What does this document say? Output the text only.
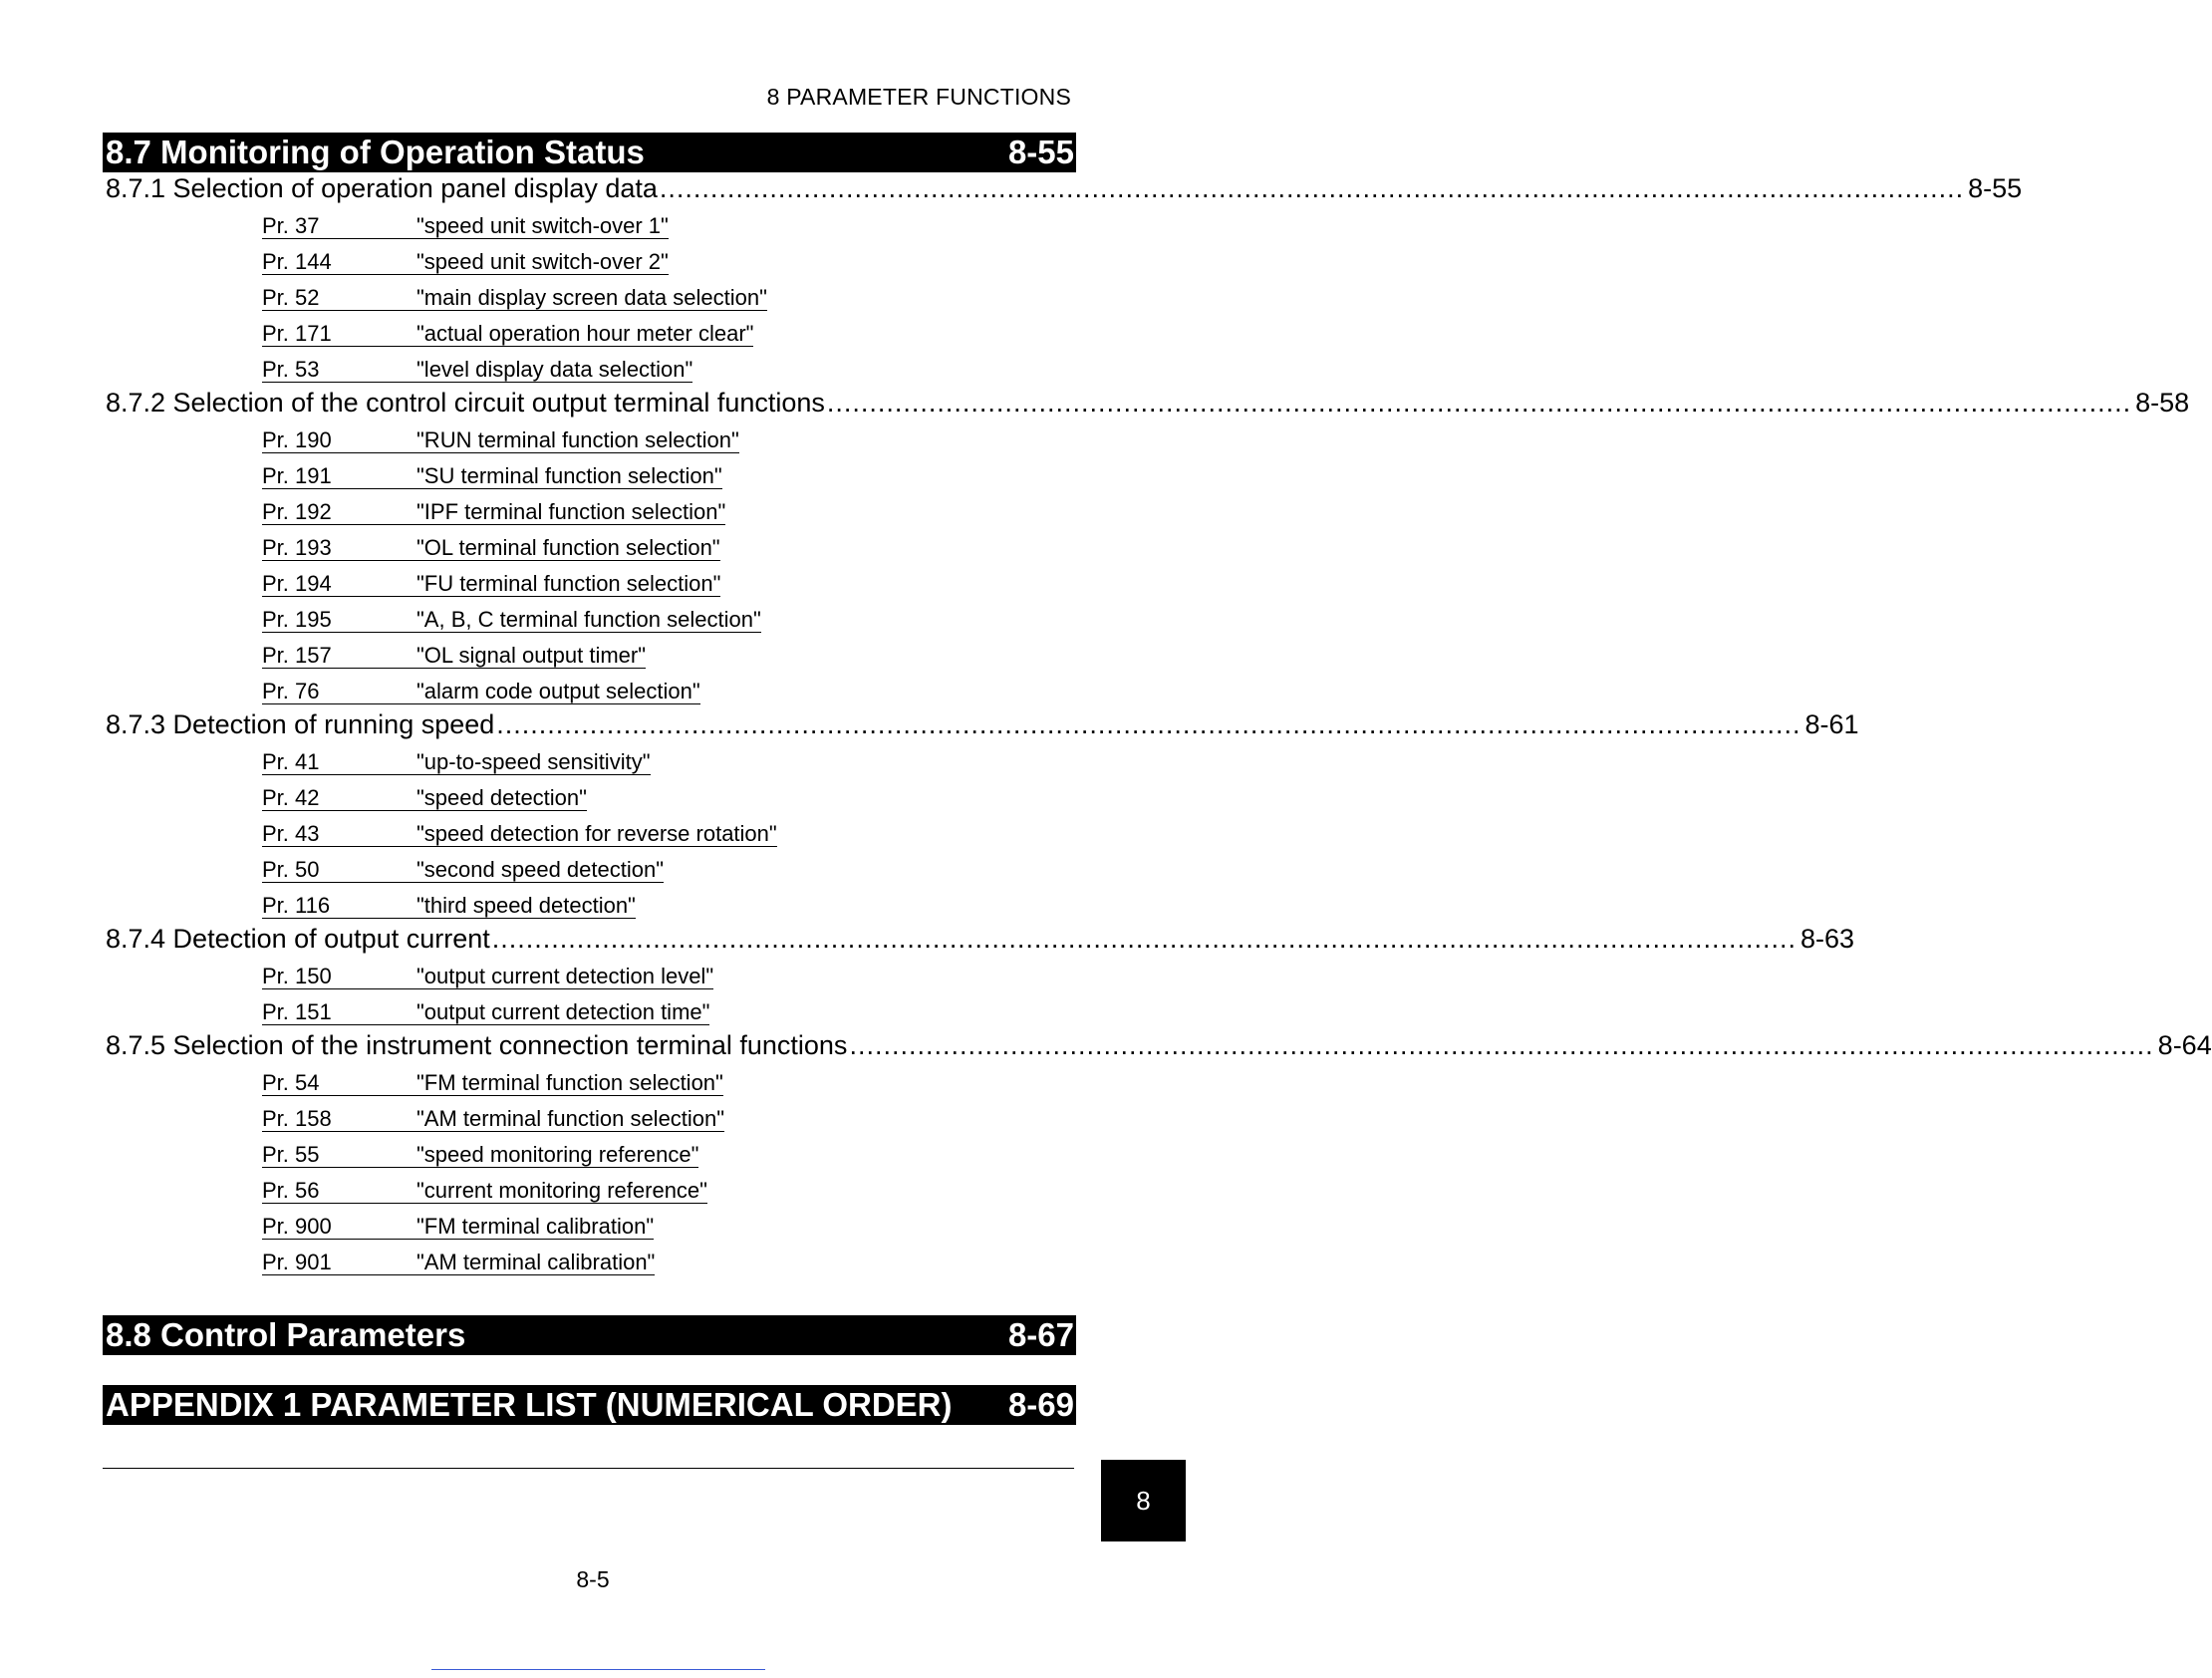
8 PARAMETER FUNCTIONS
8.7 Monitoring of Operation Status	8-55
8.7.1 Selection of operation panel display data .......................................................................................................................................................... 8-55
Pr. 37	"speed unit switch-over 1"
Pr. 144	"speed unit switch-over 2"
Pr. 52	"main display screen data selection"
Pr. 171	"actual operation hour meter clear"
Pr. 53	"level display data selection"
8.7.2 Selection of the control circuit output terminal functions .......................................................................................................................................................... 8-58
Pr. 190	"RUN terminal function selection"
Pr. 191	"SU terminal function selection"
Pr. 192	"IPF terminal function selection"
Pr. 193	"OL terminal function selection"
Pr. 194	"FU terminal function selection"
Pr. 195	"A, B, C terminal function selection"
Pr. 157	"OL signal output timer"
Pr. 76	"alarm code output selection"
8.7.3 Detection of running speed .......................................................................................................................................................... 8-61
Pr. 41	"up-to-speed sensitivity"
Pr. 42	"speed detection"
Pr. 43	"speed detection for reverse rotation"
Pr. 50	"second speed detection"
Pr. 116	"third speed detection"
8.7.4 Detection of output current .......................................................................................................................................................... 8-63
Pr. 150	"output current detection level"
Pr. 151	"output current detection time"
8.7.5 Selection of the instrument connection terminal functions .......................................................................................................................................................... 8-64
Pr. 54	"FM terminal function selection"
Pr. 158	"AM terminal function selection"
Pr. 55	"speed monitoring reference"
Pr. 56	"current monitoring reference"
Pr. 900	"FM terminal calibration"
Pr. 901	"AM terminal calibration"
8.8 Control Parameters	8-67
APPENDIX 1 PARAMETER LIST (NUMERICAL ORDER) 8-69
8
8-5
